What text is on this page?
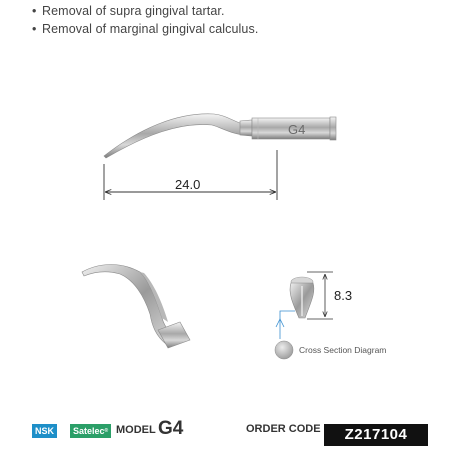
• Removal of supra gingival tartar.
• Removal of marginal gingival calculus.
G4
24.0
8.3
Cross Section Diagram
NSK	Satelec® MODEL G4	ORDER CODE	Z217104
